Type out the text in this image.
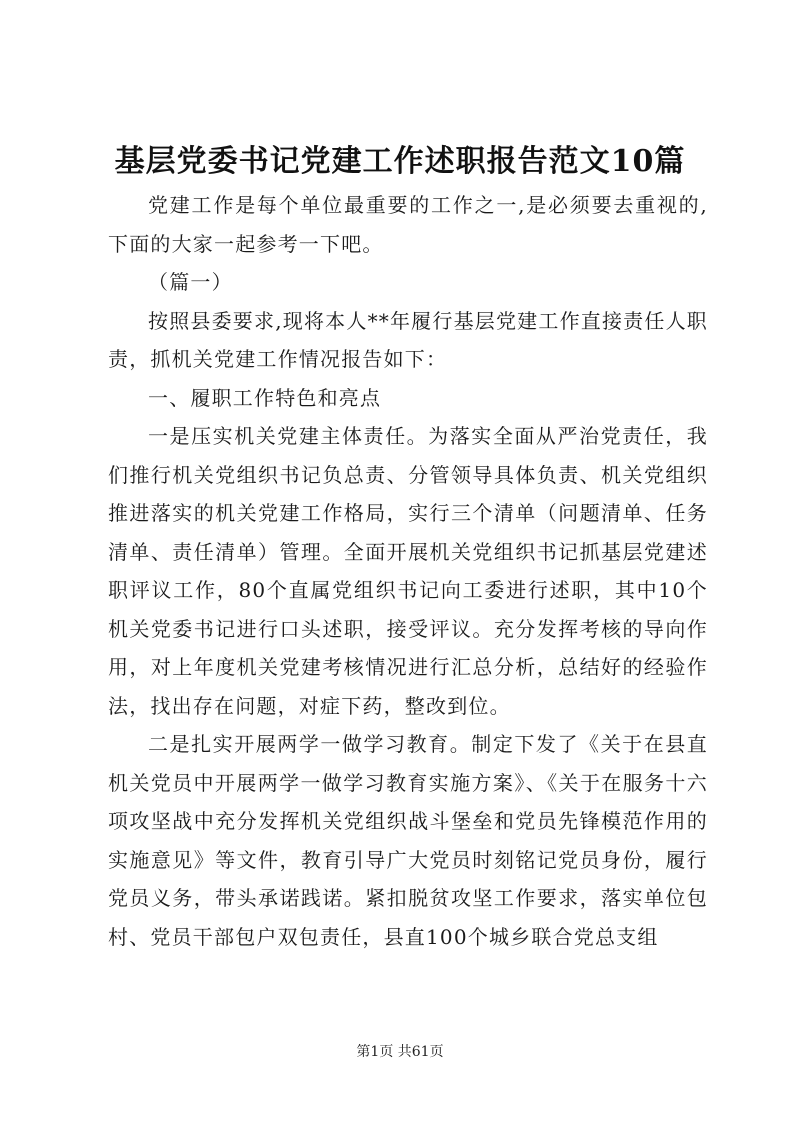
基层党委书记党建工作述职报告范文10篇

党建工作是每个单位最重要的工作之一,是必须要去重视的,下面的大家一起参考一下吧。

（篇一）

按照县委要求,现将本人**年履行基层党建工作直接责任人职责，抓机关党建工作情况报告如下：

一、履职工作特色和亮点

一是压实机关党建主体责任。为落实全面从严治党责任，我们推行机关党组织书记负总责、分管领导具体负责、机关党组织推进落实的机关党建工作格局，实行三个清单（问题清单、任务清单、责任清单）管理。全面开展机关党组织书记抓基层党建述职评议工作，80个直属党组织书记向工委进行述职，其中10个机关党委书记进行口头述职，接受评议。充分发挥考核的导向作用，对上年度机关党建考核情况进行汇总分析，总结好的经验作法，找出存在问题，对症下药，整改到位。

二是扎实开展两学一做学习教育。制定下发了《关于在县直机关党员中开展两学一做学习教育实施方案》、《关于在服务十六项攻坚战中充分发挥机关党组织战斗堡垒和党员先锋模范作用的实施意见》等文件，教育引导广大党员时刻铭记党员身份，履行党员义务，带头承诺践诺。紧扣脱贫攻坚工作要求，落实单位包村、党员干部包户双包责任，县直100个城乡联合党总支组

第1页 共61页
